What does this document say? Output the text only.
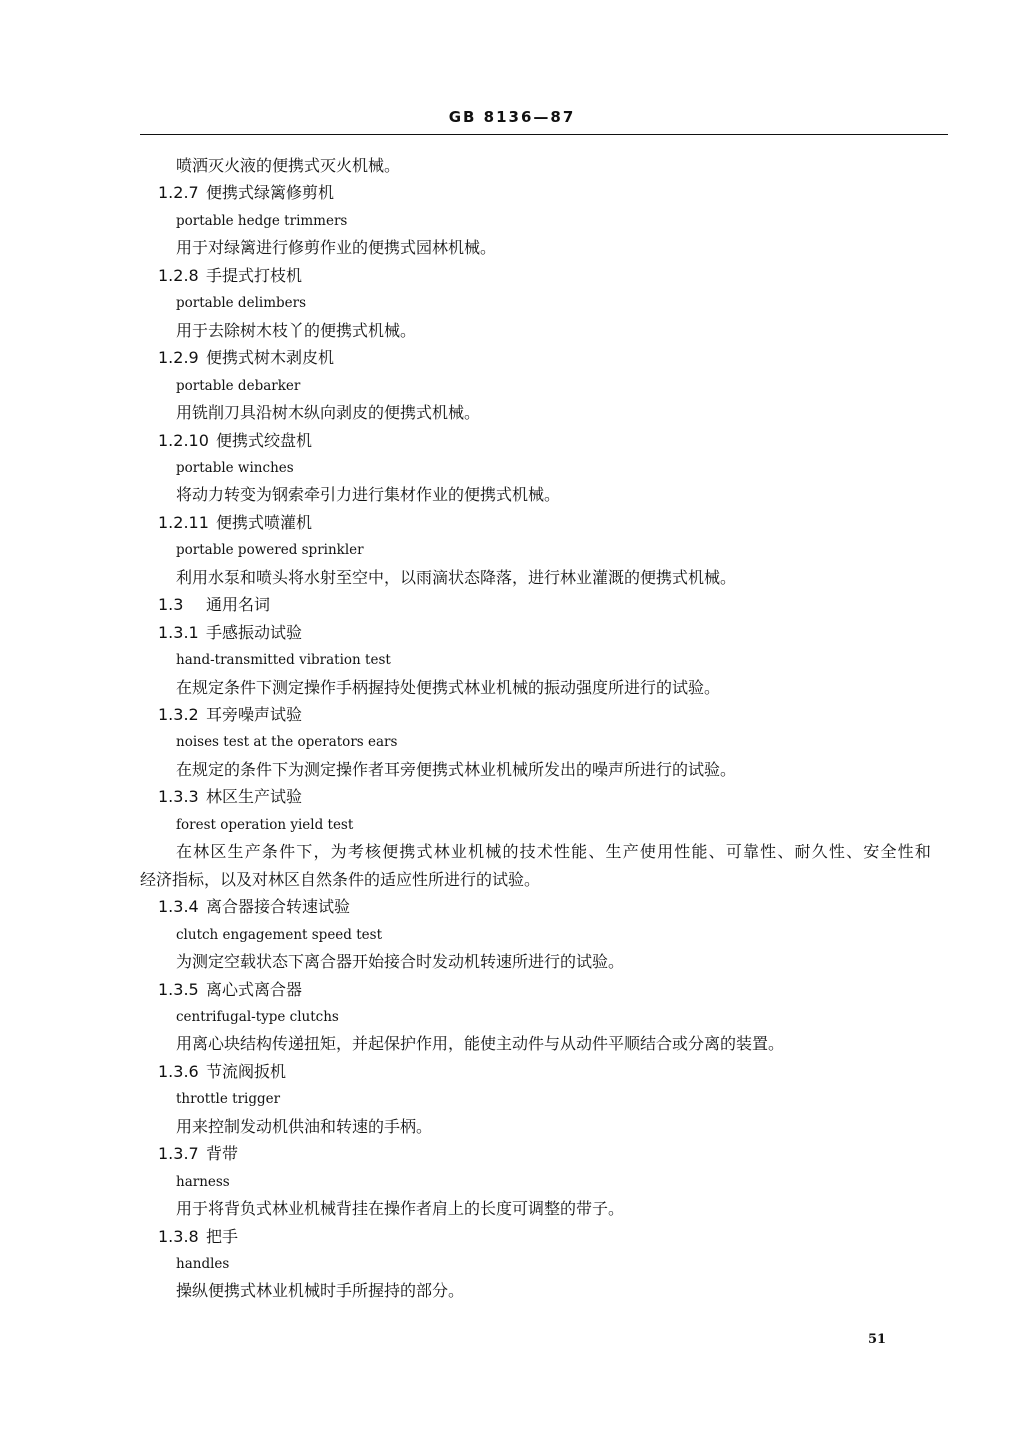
GB 8136—87
喷洒灭火液的便携式灭火机械。
1.2.7 便携式绿篱修剪机
portable hedge trimmers
用于对绿篱进行修剪作业的便携式园林机械。
1.2.8 手提式打枝机
portable delimbers
用于去除树木枝丫的便携式机械。
1.2.9 便携式树木剥皮机
portable debarker
用铣削刀具沿树木纵向剥皮的便携式机械。
1.2.10 便携式绞盘机
portable winches
将动力转变为钢索牵引力进行集材作业的便携式机械。
1.2.11 便携式喷灌机
portable powered sprinkler
利用水泵和喷头将水射至空中，以雨滴状态降落，进行林业灌溉的便携式机械。
1.3 通用名词
1.3.1 手感振动试验
hand-transmitted vibration test
在规定条件下测定操作手柄握持处便携式林业机械的振动强度所进行的试验。
1.3.2 耳旁噪声试验
noises test at the operators ears
在规定的条件下为测定操作者耳旁便携式林业机械所发出的噪声所进行的试验。
1.3.3 林区生产试验
forest operation yield test
在林区生产条件下，为考核便携式林业机械的技术性能、生产使用性能、可靠性、耐久性、安全性和
经济指标，以及对林区自然条件的适应性所进行的试验。
1.3.4 离合器接合转速试验
clutch engagement speed test
为测定空载状态下离合器开始接合时发动机转速所进行的试验。
1.3.5 离心式离合器
centrifugal-type clutchs
用离心块结构传递扭矩，并起保护作用，能使主动件与从动件平顺结合或分离的装置。
1.3.6 节流阀扳机
throttle trigger
用来控制发动机供油和转速的手柄。
1.3.7 背带
harness
用于将背负式林业机械背挂在操作者肩上的长度可调整的带子。
1.3.8 把手
handles
操纵便携式林业机械时手所握持的部分。
51
